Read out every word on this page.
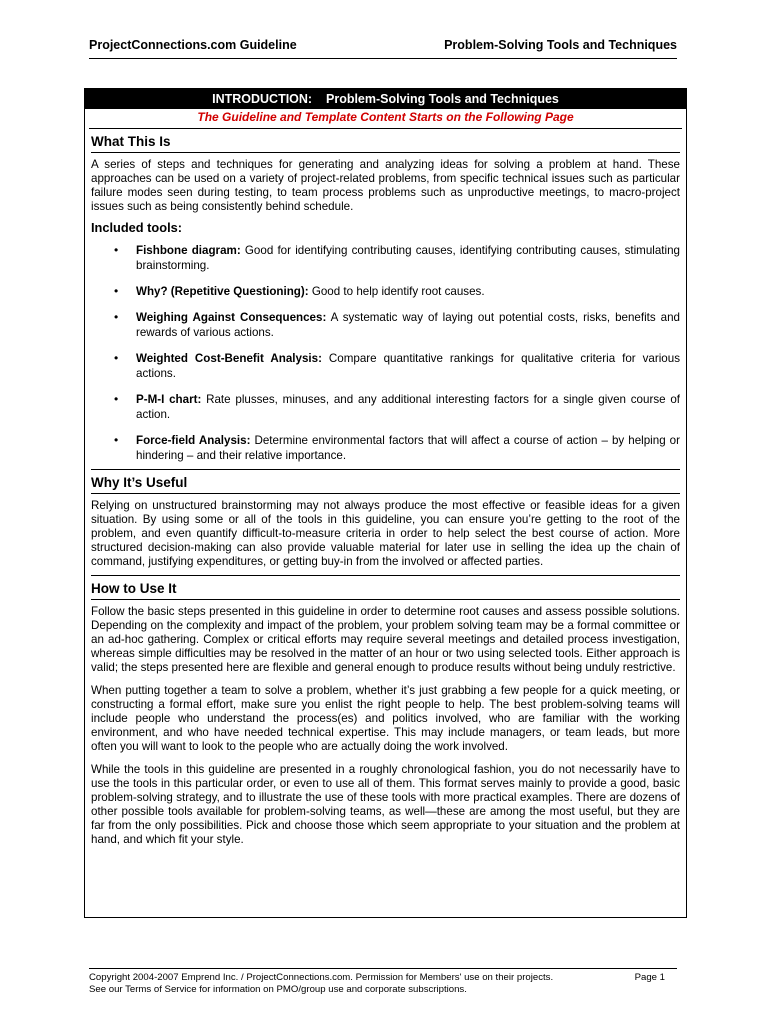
ProjectConnections.com Guideline	Problem-Solving Tools and Techniques
INTRODUCTION:    Problem-Solving Tools and Techniques
The Guideline and Template Content Starts on the Following Page
What This Is

A series of steps and techniques for generating and analyzing ideas for solving a problem at hand. These approaches can be used on a variety of project-related problems, from specific technical issues such as particular failure modes seen during testing, to team process problems such as unproductive meetings, to macro-project issues such as being consistently behind schedule.

Included tools:
• Fishbone diagram: Good for identifying contributing causes, identifying contributing causes, stimulating brainstorming.
• Why? (Repetitive Questioning): Good to help identify root causes.
• Weighing Against Consequences: A systematic way of laying out potential costs, risks, benefits and rewards of various actions.
• Weighted Cost-Benefit Analysis: Compare quantitative rankings for qualitative criteria for various actions.
• P-M-I chart: Rate plusses, minuses, and any additional interesting factors for a single given course of action.
• Force-field Analysis: Determine environmental factors that will affect a course of action – by helping or hindering – and their relative importance.
Why It’s Useful

Relying on unstructured brainstorming may not always produce the most effective or feasible ideas for a given situation. By using some or all of the tools in this guideline, you can ensure you’re getting to the root of the problem, and even quantify difficult-to-measure criteria in order to help select the best course of action. More structured decision-making can also provide valuable material for later use in selling the idea up the chain of command, justifying expenditures, or getting buy-in from the involved or affected parties.

How to Use It

Follow the basic steps presented in this guideline in order to determine root causes and assess possible solutions. Depending on the complexity and impact of the problem, your problem solving team may be a formal committee or an ad-hoc gathering. Complex or critical efforts may require several meetings and detailed process investigation, whereas simple difficulties may be resolved in the matter of an hour or two using selected tools. Either approach is valid; the steps presented here are flexible and general enough to produce results without being unduly restrictive.

When putting together a team to solve a problem, whether it’s just grabbing a few people for a quick meeting, or constructing a formal effort, make sure you enlist the right people to help. The best problem-solving teams will include people who understand the process(es) and politics involved, who are familiar with the working environment, and who have needed technical expertise. This may include managers, or team leads, but more often you will want to look to the people who are actually doing the work involved.

While the tools in this guideline are presented in a roughly chronological fashion, you do not necessarily have to use the tools in this particular order, or even to use all of them. This format serves mainly to provide a good, basic problem-solving strategy, and to illustrate the use of these tools with more practical examples. There are dozens of other possible tools available for problem-solving teams, as well—these are among the most useful, but they are far from the only possibilities. Pick and choose those which seem appropriate to your situation and the problem at hand, and which fit your style.

Copyright 2004-2007 Emprend Inc. / ProjectConnections.com. Permission for Members' use on their projects.	Page 1
See our Terms of Service for information on PMO/group use and corporate subscriptions.
